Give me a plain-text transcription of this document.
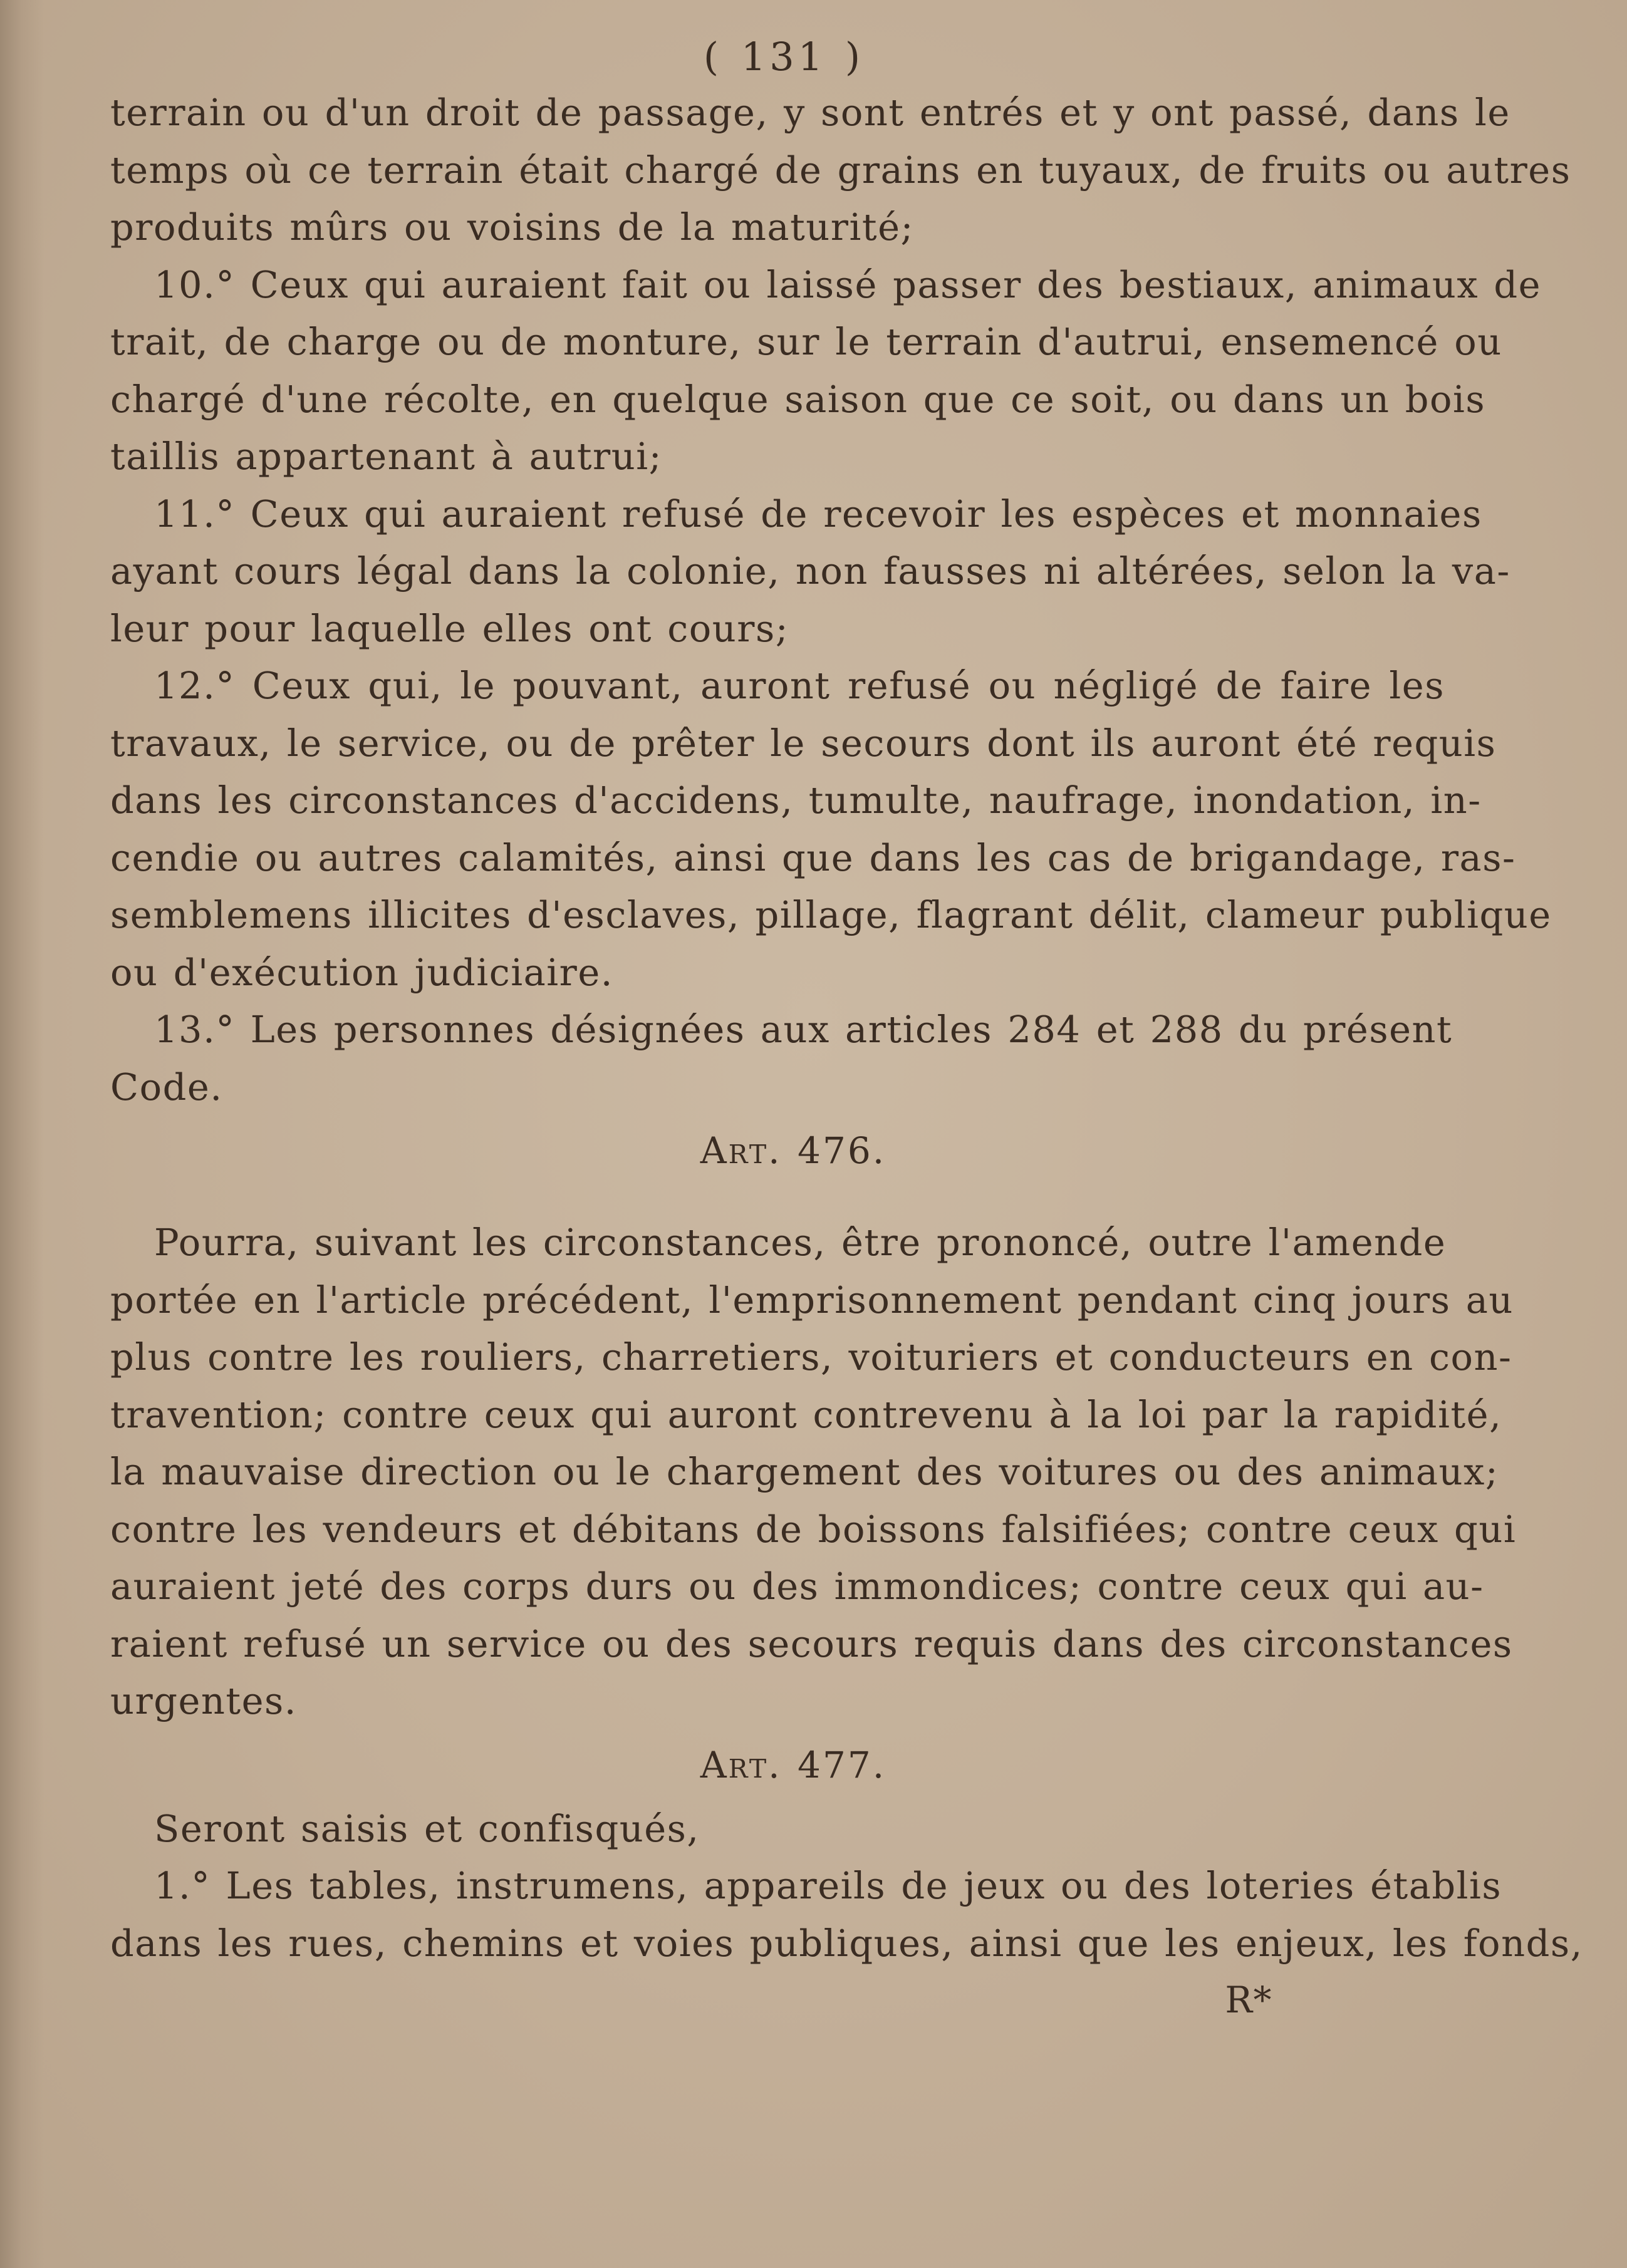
( 131 )
terrain ou d'un droit de passage, y sont entrés et y ont passé, dans le
temps où ce terrain était chargé de grains en tuyaux, de fruits ou autres
produits mûrs ou voisins de la maturité;
10.° Ceux qui auraient fait ou laissé passer des bestiaux, animaux de
trait, de charge ou de monture, sur le terrain d'autrui, ensemencé ou
chargé d'une récolte, en quelque saison que ce soit, ou dans un bois
taillis appartenant à autrui;
11.° Ceux qui auraient refusé de recevoir les espèces et monnaies
ayant cours légal dans la colonie, non fausses ni altérées, selon la va-
leur pour laquelle elles ont cours;
12.° Ceux qui, le pouvant, auront refusé ou négligé de faire les
travaux, le service, ou de prêter le secours dont ils auront été requis
dans les circonstances d'accidens, tumulte, naufrage, inondation, in-
cendie ou autres calamités, ainsi que dans les cas de brigandage, ras-
semblemens illicites d'esclaves, pillage, flagrant délit, clameur publique
ou d'exécution judiciaire.
13.° Les personnes désignées aux articles 284 et 288 du présent
Code.
Art. 476.
Pourra, suivant les circonstances, être prononcé, outre l'amende
portée en l'article précédent, l'emprisonnement pendant cinq jours au
plus contre les rouliers, charretiers, voituriers et conducteurs en con-
travention; contre ceux qui auront contrevenu à la loi par la rapidité,
la mauvaise direction ou le chargement des voitures ou des animaux;
contre les vendeurs et débitans de boissons falsifiées; contre ceux qui
auraient jeté des corps durs ou des immondices; contre ceux qui au-
raient refusé un service ou des secours requis dans des circonstances
urgentes.
Art. 477.
Seront saisis et confisqués,
1.° Les tables, instrumens, appareils de jeux ou des loteries établis
dans les rues, chemins et voies publiques, ainsi que les enjeux, les fonds,
R*
